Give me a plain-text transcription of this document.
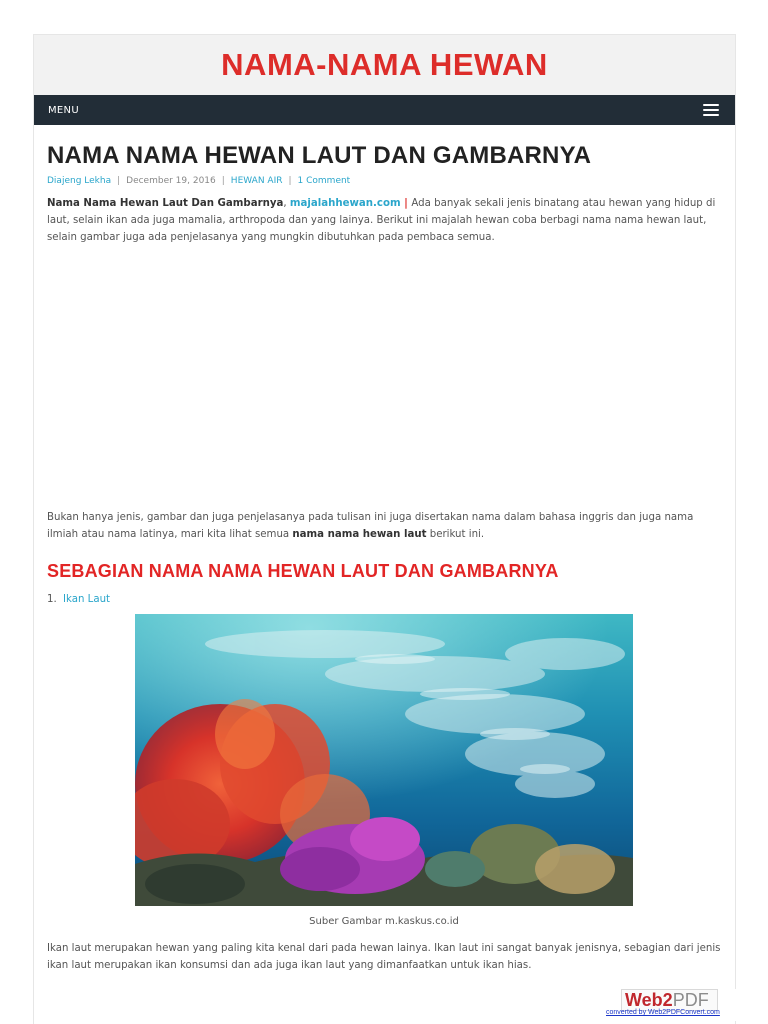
NAMA-NAMA HEWAN
MENU
NAMA NAMA HEWAN LAUT DAN GAMBARNYA
Diajeng Lekha | December 19, 2016 | HEWAN AIR | 1 Comment

Nama Nama Hewan Laut Dan Gambarnya, majalahhewan.com | Ada banyak sekali jenis binatang atau hewan yang hidup di laut, selain ikan ada juga mamalia, arthropoda dan yang lainya. Berikut ini majalah hewan coba berbagi nama nama hewan laut, selain gambar juga ada penjelasanya yang mungkin dibutuhkan pada pembaca semua.

Bukan hanya jenis, gambar dan juga penjelasanya pada tulisan ini juga disertakan nama dalam bahasa inggris dan juga nama ilmiah atau nama latinya, mari kita lihat semua nama nama hewan laut berikut ini.

SEBAGIAN NAMA NAMA HEWAN LAUT DAN GAMBARNYA
1. Ikan Laut
Suber Gambar m.kaskus.co.id

Ikan laut merupakan hewan yang paling kita kenal dari pada hewan lainya. Ikan laut ini sangat banyak jenisnya, sebagian dari jenis ikan laut merupakan ikan konsumsi dan ada juga ikan laut yang dimanfaatkan untuk ikan hias.

Web2PDF
converted by Web2PDFConvert.com
